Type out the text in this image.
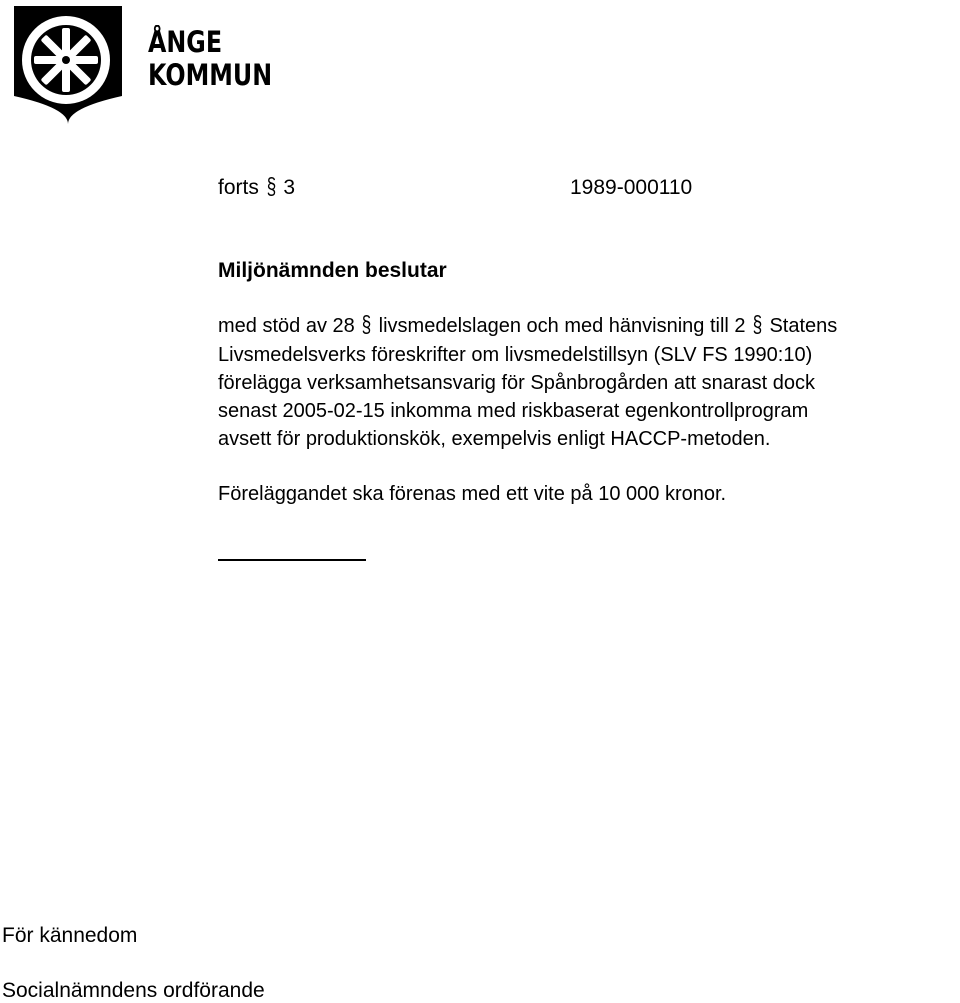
ÅNGE
KOMMUN
forts § 3	1989-000110
Miljönämnden beslutar
med stöd av 28 § livsmedelslagen och med hänvisning till 2 § Statens
Livsmedelsverks föreskrifter om livsmedelstillsyn (SLV FS 1990:10)
förelägga verksamhetsansvarig för Spånbrogården att snarast dock
senast 2005-02-15 inkomma med riskbaserat egenkontrollprogram
avsett för produktionskök, exempelvis enligt HACCP-metoden.
Föreläggandet ska förenas med ett vite på 10 000 kronor.
För kännedom
Socialnämndens ordförande
